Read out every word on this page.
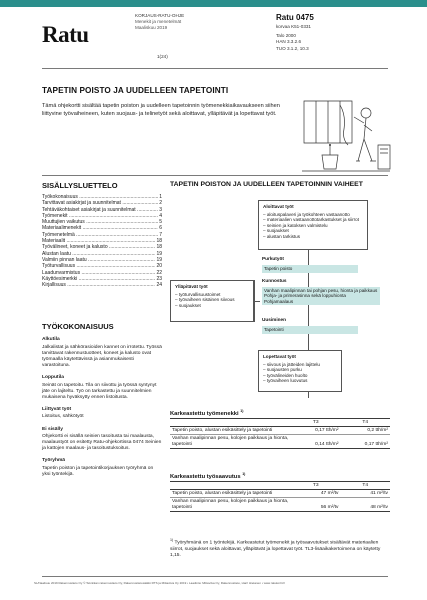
Ratu
KORJAUS-RATU-OHJE
Menekit ja menetelmät
Maaliskuu 2019
1(24)
Ratu 0475
korvaa K51-0331
Talo 2000
HAN 3.3.2.6
TUO 3.1.2, 10.3
TAPETIN POISTO JA UUDELLEEN TAPETOINTI
Tämä ohjekortti sisältää tapetin poiston ja uudelleen tapetoinnin työmenekkiaikavaukseen siihen liittyvine työvaiheineen, kuten suojaus- ja telinetyöt sekä aloittavat, ylläpitävät ja lopettavat työt.
SISÄLLYSLUETTELO
Työkokonaisuus .....	1
Tarvittavat asiakirjat ja suunnitelmat .....	2
Tehtäväkohtaiset asiakirjat ja suunnitelmat .....	3
Työmenekit .....	4
Muuttujien vaikutus .....	5
Materiaalimenekit .....	6
Työmenetelmä .....	7
Materiaalit .....	18
Työvälineet, koneet ja kalusto .....	18
Alustan laatu .....	19
Valmiin pinnan laatu .....	19
Työturvallisuus .....	20
Laadunvarmistus .....	22
Käyttöesimerkki .....	23
Kirjallisuus .....	24
TYÖKOKONAISUUS
Alkutila
Jalkalistat ja sähkörasioiden kannet on irrotettu. Työssä tarvittavat rakennustuotteet, koneet ja kalusto ovat työmaalla käytettävissä ja asianmukaisesti varastoituna.
Lopputila
Seinät on tapetoitu. Tila on siivottu ja työssä syntynyt jäte on lajiteltu. Työ on tarkastettu ja suunnitelmien mukaisena hyväksytty ennen listoitusta.
Liittyvät työt
Listoitus, sähkötyöt
Ei sisälly
Ohjekortti ei sisällä seinien tasoitusta tai maalausta, maalaustyöt on esitetty Ratu-ohjekortissa 0474 Seinien ja kattojen maalaus- ja tasoitustuksoitus.
Työryhmä
Tapetin poiston ja tapetointikorjauksen työryhmä on yksi työntekijä.
TAPETIN POISTON JA UUDELLEEN TAPETOINNIN VAIHEET
Aloittavat työt
– aloituspalaveri ja työkohteen vastaanotto
– materiaalien vastaanottotarkastukset ja siirrot
– seinien ja katoksen valmistelu
– suojaukset
– alustan tarkistus
Purkutyöt
Tapetin poisto
Kunnostus
Vanhan maalipinnan tai pohjan pesu, hionta ja paikkaus
Pohja- ja primerasinna sekä loppuhionta
Pohjamaalaus
Uusiminen
Tapetointi
Ylläpitävät työt
– työturvallisuustoimet
– työvaiheen sisäinen siivous
– suojaukset
Lopettavat työt
– siivous ja jätteiden lajittelu
– suojausten purku
– työvälineiden huolto
– työvaiheen luovutus
Karkeastettu työmenekki $^{1)}$
	T3	T4
Tapetin poisto, alustan esikäsittely ja tapetointi	0,17 tth/m²	0,2 tth/m²
Vanhan maalipinnan pesu, kolojen paikkaus ja hionta, tapetointi	0,14 tth/m²	0,17 tth/m²
Karkeastettu työsaavutus $^{1)}$
	T3	T4
Tapetin poisto, alustan esikäsittely ja tapetointi	47 m²/tv	41 m²/tv
Vanhan maalipinnan pesu, kolojen paikkaus ja hionta, tapetointi	56 m²/tv	48 m²/tv
$^{1)}$ Työryhmänä on 1 työntekijä. Karkeastetut työmenekit ja työsaavutukset sisältävät materiaalien siirrot, suojaukset sekä aloittavat, ylläpitävät ja lopettavat työt. TL3-lisäaikakertoimena on käytetty 1,15.
SL/Naalisuu 2019 Rakennustieto Oy © Tekniikan rakennustieto Oy, Rakennustietosäätiö RTS ja Mittaviiva Oy 2019 • Laadinta: Mittaviiva Oy, Rakennustieto, Harri Hietanen • www.ratukortit.fi
